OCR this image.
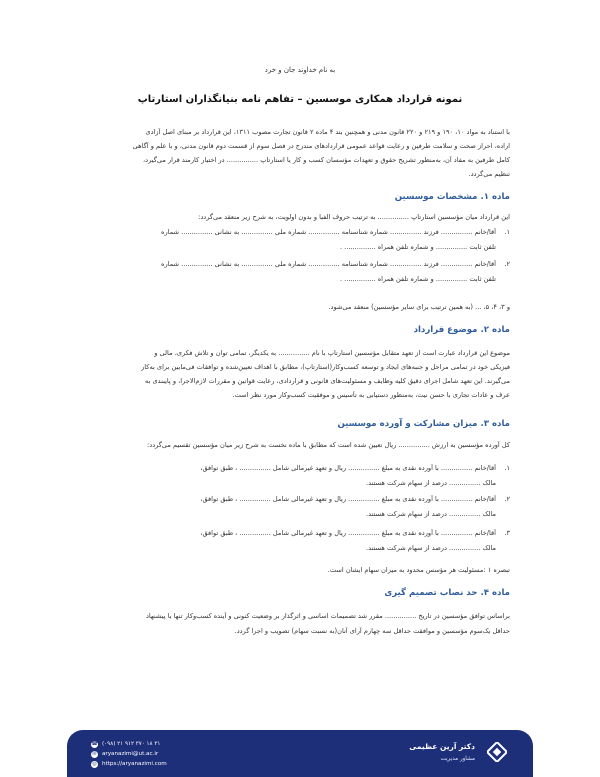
به نام خداوند جان و خرد
نمونه قرارداد همکاری موسسین – تفاهم نامه بنیانگذاران استارتاپ
با استناد به مواد ۱۰، ۱۹۰ و ۲۱۹ و ۲۲۰ قانون مدنی و همچنین بند ۴ ماده ۲ قانون تجارت مصوب ۱۳۱۱، این قرارداد بر مبنای اصل آزادی
اراده، احراز صحت و سلامت طرفین و رعایت قواعد عمومی قراردادهای مندرج در فصل سوم از قسمت دوم قانون مدنی، و با علم و آگاهی
کامل طرفین به مفاد آن، به‌منظور تشریح حقوق و تعهدات مؤسسان کسب و کار یا استارتاپ ............... در اختیار کارمند قرار می‌گیرد،
تنظیم می‌گردد.
ماده ۱. مشخصات موسسین
این قرارداد میان مؤسسین استارتاپ ............... به ترتیب حروف الفبا و بدون اولویت، به شرح زیر منعقد می‌گردد:
۱.
آقا/خانم ............... فرزند ............... شماره شناسنامه ............... شماره ملی ............... به نشانی ............... شماره
تلفن ثابت ............... و شماره تلفن همراه ............... .
۲.
آقا/خانم ............... فرزند ............... شماره شناسنامه ............... شماره ملی ............... به نشانی ............... شماره
تلفن ثابت ............... و شماره تلفن همراه ............... .
و ۳، ۴، ۵، ... (به همین ترتیب برای سایر مؤسسین) منعقد می‌شود.
ماده ۲. موضوع قرارداد
موضوع این قرارداد عبارت است از تعهد متقابل مؤسسین استارتاپ با نام ............... به یکدیگر، تمامی توان و تلاش فکری، مالی و
فیزیکی خود در تمامی مراحل و جنبه‌های ایجاد و توسعه کسب‌وکار(استارتاپ)، مطابق با اهداف تعیین‌شده و توافقات فی‌مابین برای به‌کار
می‌گیرند. این تعهد شامل اجرای دقیق کلیه وظایف و مسئولیت‌های قانونی و قراردادی، رعایت قوانین و مقررات لازم‌الاجرا، و پایبندی به
عرف و عادات تجاری با حسن نیت، به‌منظور دستیابی به تأسیس و موفقیت کسب‌وکار مورد نظر است.
ماده ۳. میزان مشارکت و آورده موسسین
کل آورده مؤسسین به ارزش ............... ریال تعیین شده است که مطابق با ماده نخست به شرح زیر میان مؤسسین تقسیم می‌گردد:
۱.
آقا/خانم ............... با آورده نقدی به مبلغ ............... ریال و تعهد غیرمالی شامل ............... ، طبق توافق،
مالک ............... درصد از سهام شرکت هستند.
۲.
آقا/خانم ............... با آورده نقدی به مبلغ ............... ریال و تعهد غیرمالی شامل ............... ، طبق توافق،
مالک ............... درصد از سهام شرکت هستند.
۳.
آقا/خانم ............... با آورده نقدی به مبلغ ............... ریال و تعهد غیرمالی شامل ............... ، طبق توافق،
مالک ............... درصد از سهام شرکت هستند.
تبصره ۱ :مسئولیت هر مؤسس محدود به میزان سهام ایشان است.
ماده ۴. حد نصاب تصمیم گیری
براساس توافق مؤسسین در تاریخ ............... مقرر شد تصمیمات اساسی و اثرگذار بر وضعیت کنونی و آینده کسب‌وکار تنها با پیشنهاد
حداقل یک‌سوم مؤسسین و موافقت حداقل سه چهارم آرای آنان(به نسبت سهام) تصویب و اجرا گردد.
☎ (۰۹۸) ۲۱ ۹۱۲ ۳۷۰ ۱۸ ۳۱
✉ aryanazimi@ut.ac.ir
◎ https://aryanazimi.com
دکتر آرین عظیمی
مشاور مدیریت
